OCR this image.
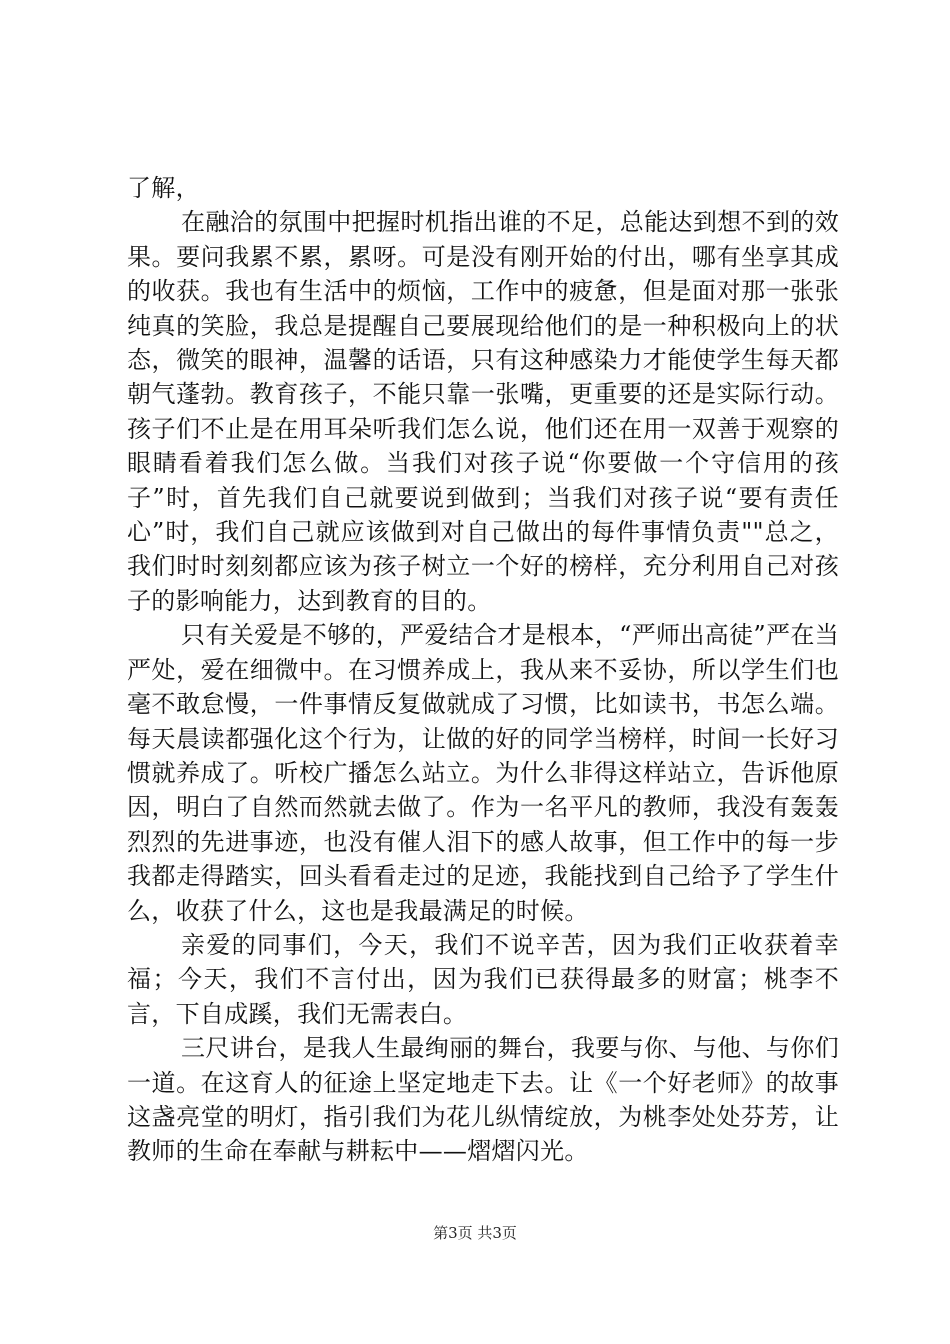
了解，

在融洽的氛围中把握时机指出谁的不足，总能达到想不到的效果。要问我累不累，累呀。可是没有刚开始的付出，哪有坐享其成的收获。我也有生活中的烦恼，工作中的疲惫，但是面对那一张张纯真的笑脸，我总是提醒自己要展现给他们的是一种积极向上的状态，微笑的眼神，温馨的话语，只有这种感染力才能使学生每天都朝气蓬勃。教育孩子，不能只靠一张嘴，更重要的还是实际行动。孩子们不止是在用耳朵听我们怎么说，他们还在用一双善于观察的眼睛看着我们怎么做。当我们对孩子说“你要做一个守信用的孩子”时，首先我们自己就要说到做到；当我们对孩子说“要有责任心”时，我们自己就应该做到对自己做出的每件事情负责""总之，我们时时刻刻都应该为孩子树立一个好的榜样，充分利用自己对孩子的影响能力，达到教育的目的。

只有关爱是不够的，严爱结合才是根本，“严师出高徒”严在当严处，爱在细微中。在习惯养成上，我从来不妥协，所以学生们也毫不敢怠慢，一件事情反复做就成了习惯，比如读书，书怎么端。每天晨读都强化这个行为，让做的好的同学当榜样，时间一长好习惯就养成了。听校广播怎么站立。为什么非得这样站立，告诉他原因，明白了自然而然就去做了。作为一名平凡的教师，我没有轰轰烈烈的先进事迹，也没有催人泪下的感人故事，但工作中的每一步我都走得踏实，回头看看走过的足迹，我能找到自己给予了学生什么，收获了什么，这也是我最满足的时候。

亲爱的同事们，今天，我们不说辛苦，因为我们正收获着幸福；今天，我们不言付出，因为我们已获得最多的财富；桃李不言，下自成蹊，我们无需表白。

三尺讲台，是我人生最绚丽的舞台，我要与你、与他、与你们一道。在这育人的征途上坚定地走下去。让《一个好老师》的故事这盏亮堂的明灯，指引我们为花儿纵情绽放，为桃李处处芬芳，让教师的生命在奉献与耕耘中——熠熠闪光。

第3页 共3页
